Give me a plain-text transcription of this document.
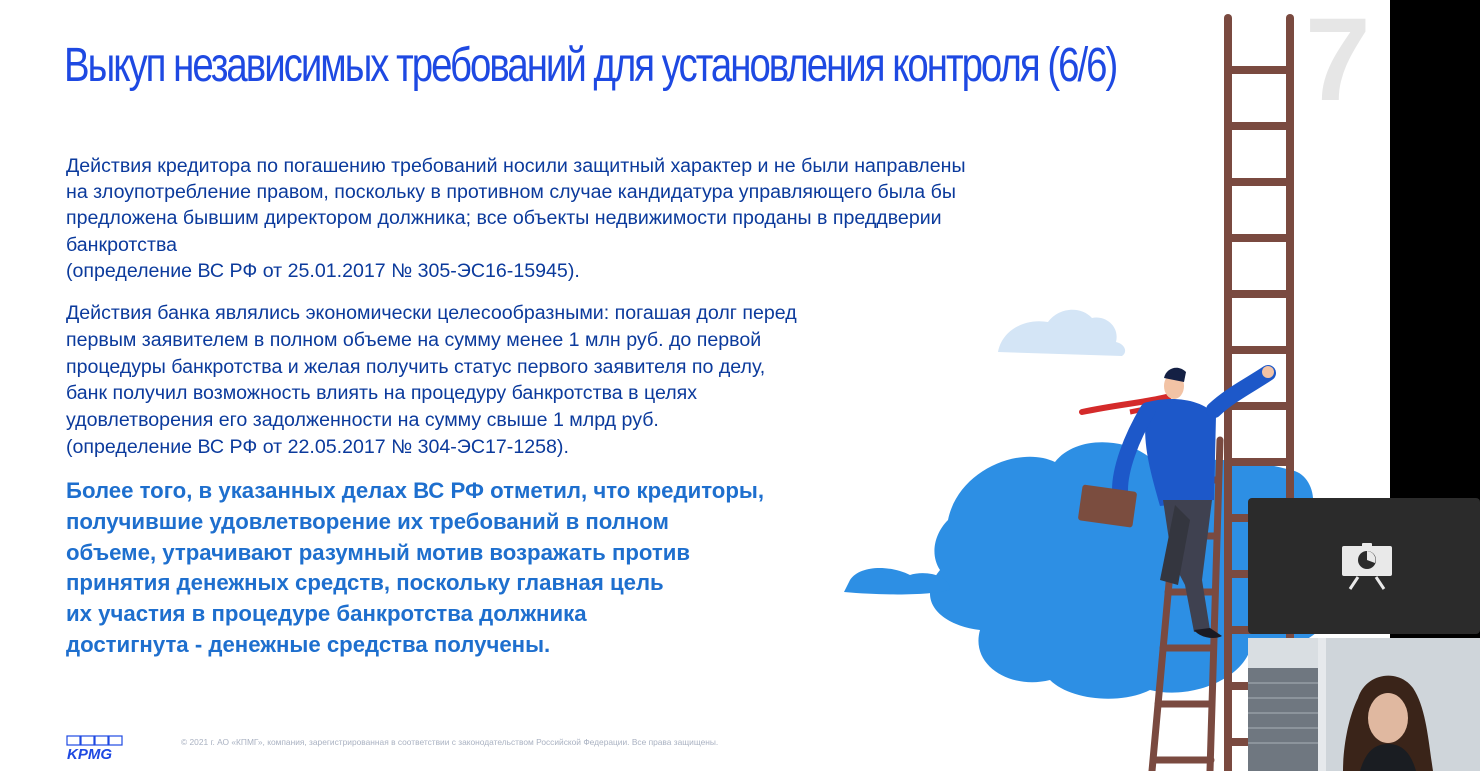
Выкуп независимых требований для установления контроля (6/6) 7
Действия кредитора по погашению требований носили защитный характер и не были направлены
на злоупотребление правом, поскольку в противном случае кандидатура управляющего была бы
предложена бывшим директором должника; все объекты недвижимости проданы в преддверии
банкротства
(определение ВС РФ от 25.01.2017 № 305-ЭС16-15945).
Действия банка являлись экономически целесообразными: погашая долг перед
первым заявителем в полном объеме на сумму менее 1 млн руб. до первой
процедуры банкротства и желая получить статус первого заявителя по делу,
банк получил возможность влиять на процедуру банкротства в целях
удовлетворения его задолженности на сумму свыше 1 млрд руб.
(определение ВС РФ от 22.05.2017 № 304-ЭС17-1258).
Более того, в указанных делах ВС РФ отметил, что кредиторы,
получившие удовлетворение их требований в полном
объеме, утрачивают разумный мотив возражать против
принятия денежных средств, поскольку главная цель
их участия в процедуре банкротства должника
достигнута - денежные средства получены.
KPMG
© 2021 г. АО «КПМГ», компания, зарегистрированная в соответствии с законодательством Российской Федерации. Все права защищены.
